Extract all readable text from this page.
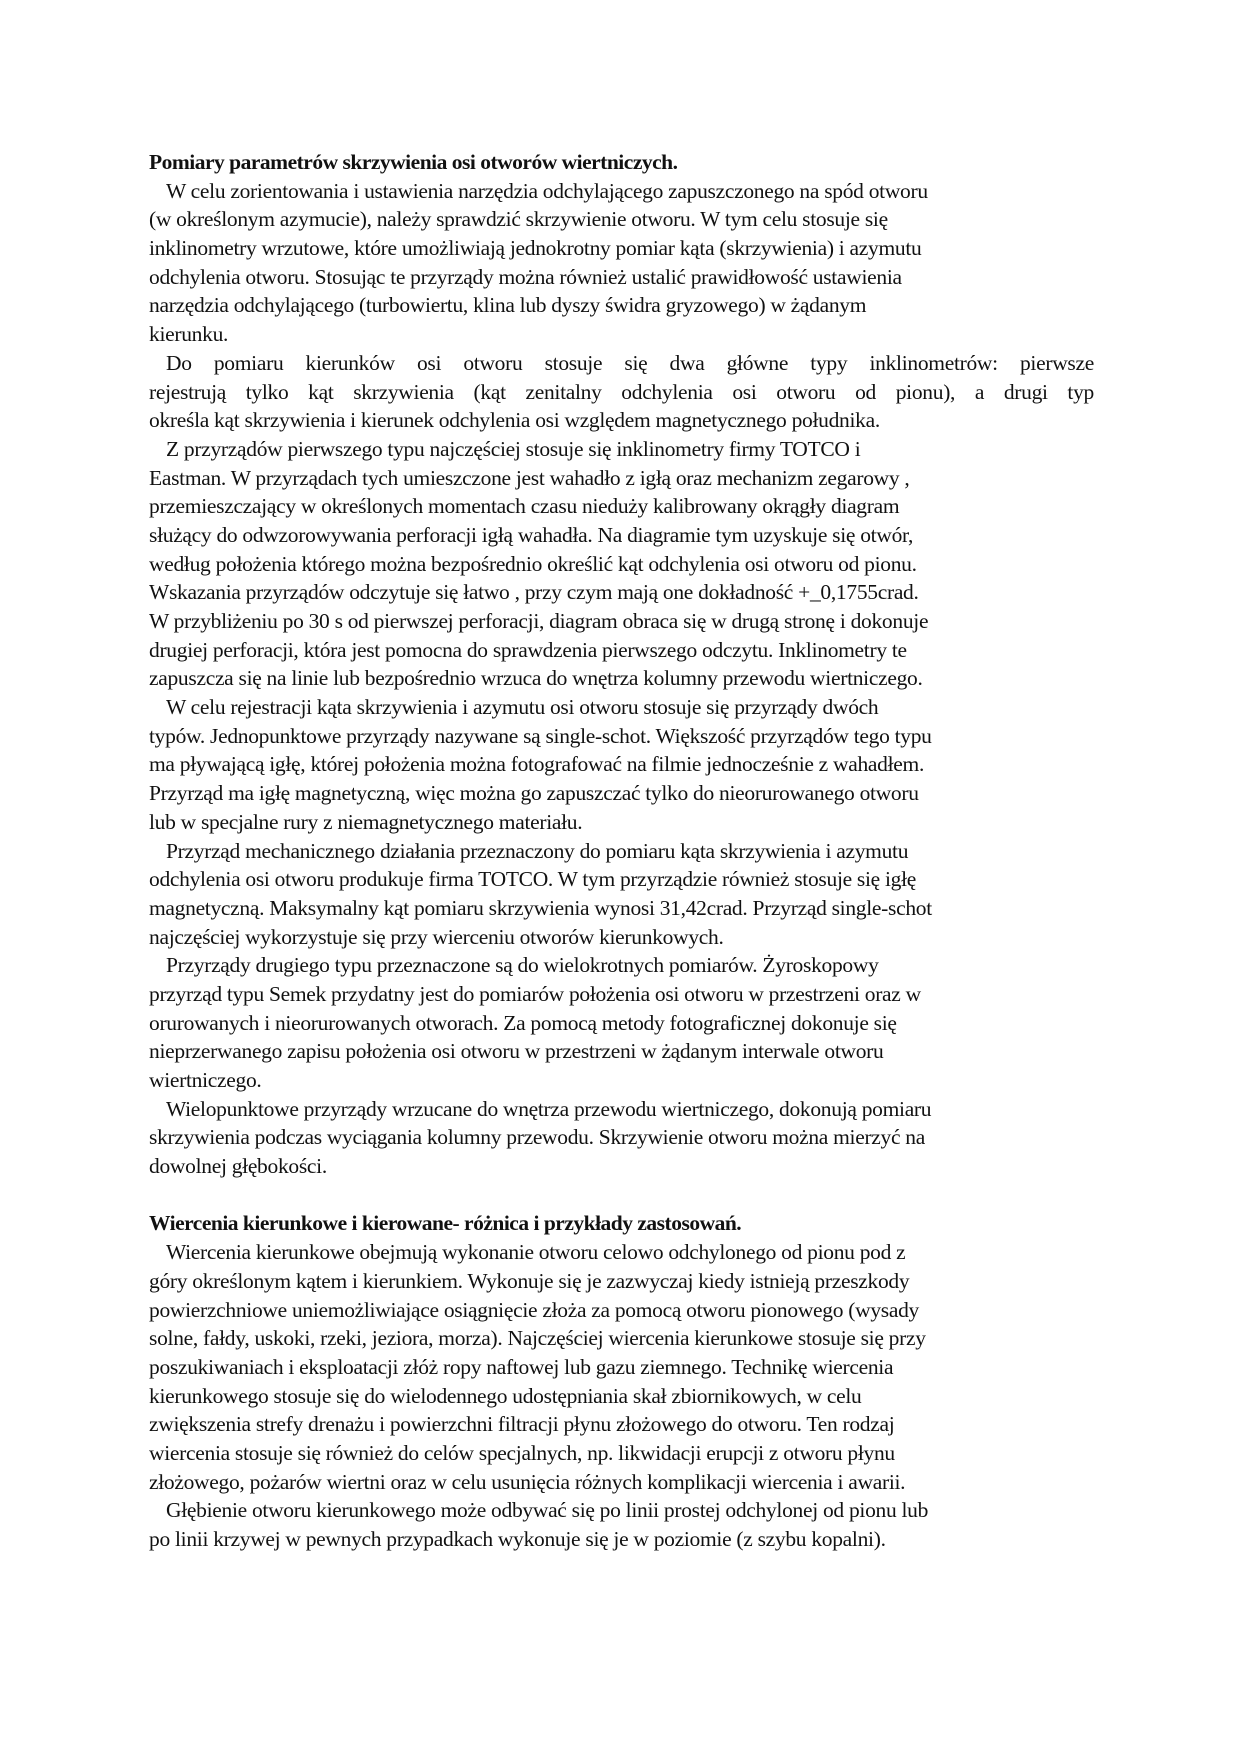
Pomiary parametrów skrzywienia osi otworów wiertniczych.
W celu zorientowania i ustawienia narzędzia odchylającego zapuszczonego na spód otworu
(w określonym azymucie), należy sprawdzić skrzywienie otworu. W tym celu stosuje się
inklinometry wrzutowe, które umożliwiają jednokrotny pomiar kąta (skrzywienia) i azymutu
odchylenia otworu. Stosując te przyrządy można również ustalić prawidłowość ustawienia
narzędzia odchylającego (turbowiertu, klina lub dyszy świdra gryzowego) w żądanym
kierunku.
Do pomiaru kierunków osi otworu stosuje się dwa główne typy inklinometrów: pierwsze
rejestrują tylko kąt skrzywienia (kąt zenitalny odchylenia osi otworu od pionu), a drugi typ
określa kąt skrzywienia i kierunek odchylenia osi względem magnetycznego południka.
Z przyrządów pierwszego typu najczęściej stosuje się inklinometry firmy TOTCO i
Eastman. W przyrządach tych umieszczone jest wahadło z igłą oraz mechanizm zegarowy ,
przemieszczający w określonych momentach czasu nieduży kalibrowany okrągły diagram
służący do odwzorowywania perforacji igłą wahadła. Na diagramie tym uzyskuje się otwór,
według położenia którego można bezpośrednio określić kąt odchylenia osi otworu od pionu.
Wskazania przyrządów odczytuje się łatwo , przy czym mają one dokładność +_0,1755crad.
W przybliżeniu po 30 s od pierwszej perforacji, diagram obraca się w drugą stronę i dokonuje
drugiej perforacji, która jest pomocna do sprawdzenia pierwszego odczytu. Inklinometry te
zapuszcza się na linie lub bezpośrednio wrzuca do wnętrza kolumny przewodu wiertniczego.
W celu rejestracji kąta skrzywienia i azymutu osi otworu stosuje się przyrządy dwóch
typów. Jednopunktowe przyrządy nazywane są single-schot. Większość przyrządów tego typu
ma pływającą igłę, której położenia można fotografować na filmie jednocześnie z wahadłem.
Przyrząd ma igłę magnetyczną, więc można go zapuszczać tylko do nieorurowanego otworu
lub w specjalne rury z niemagnetycznego materiału.
Przyrząd mechanicznego działania przeznaczony do pomiaru kąta skrzywienia i azymutu
odchylenia osi otworu produkuje firma TOTCO. W tym przyrządzie również stosuje się igłę
magnetyczną. Maksymalny kąt pomiaru skrzywienia wynosi 31,42crad. Przyrząd single-schot
najczęściej wykorzystuje się przy wierceniu otworów kierunkowych.
Przyrządy drugiego typu przeznaczone są do wielokrotnych pomiarów. Żyroskopowy
przyrząd typu Semek przydatny jest do pomiarów położenia osi otworu w przestrzeni oraz w
orurowanych i nieorurowanych otworach. Za pomocą metody fotograficznej dokonuje się
nieprzerwanego zapisu położenia osi otworu w przestrzeni w żądanym interwale otworu
wiertniczego.
Wielopunktowe przyrządy wrzucane do wnętrza przewodu wiertniczego, dokonują pomiaru
skrzywienia podczas wyciągania kolumny przewodu. Skrzywienie otworu można mierzyć na
dowolnej głębokości.
Wiercenia kierunkowe i kierowane- różnica i przykłady zastosowań.
Wiercenia kierunkowe obejmują wykonanie otworu celowo odchylonego od pionu pod z
góry określonym kątem i kierunkiem. Wykonuje się je zazwyczaj kiedy istnieją przeszkody
powierzchniowe uniemożliwiające osiągnięcie złoża za pomocą otworu pionowego (wysady
solne, fałdy, uskoki, rzeki, jeziora, morza). Najczęściej wiercenia kierunkowe stosuje się przy
poszukiwaniach i eksploatacji złóż ropy naftowej lub gazu ziemnego. Technikę wiercenia
kierunkowego stosuje się do wielodennego udostępniania skał zbiornikowych, w celu
zwiększenia strefy drenażu i powierzchni filtracji płynu złożowego do otworu. Ten rodzaj
wiercenia stosuje się również do celów specjalnych, np. likwidacji erupcji z otworu płynu
złożowego, pożarów wiertni oraz w celu usunięcia różnych komplikacji wiercenia i awarii.
Głębienie otworu kierunkowego może odbywać się po linii prostej odchylonej od pionu lub
po linii krzywej w pewnych przypadkach wykonuje się je w poziomie (z szybu kopalni).
